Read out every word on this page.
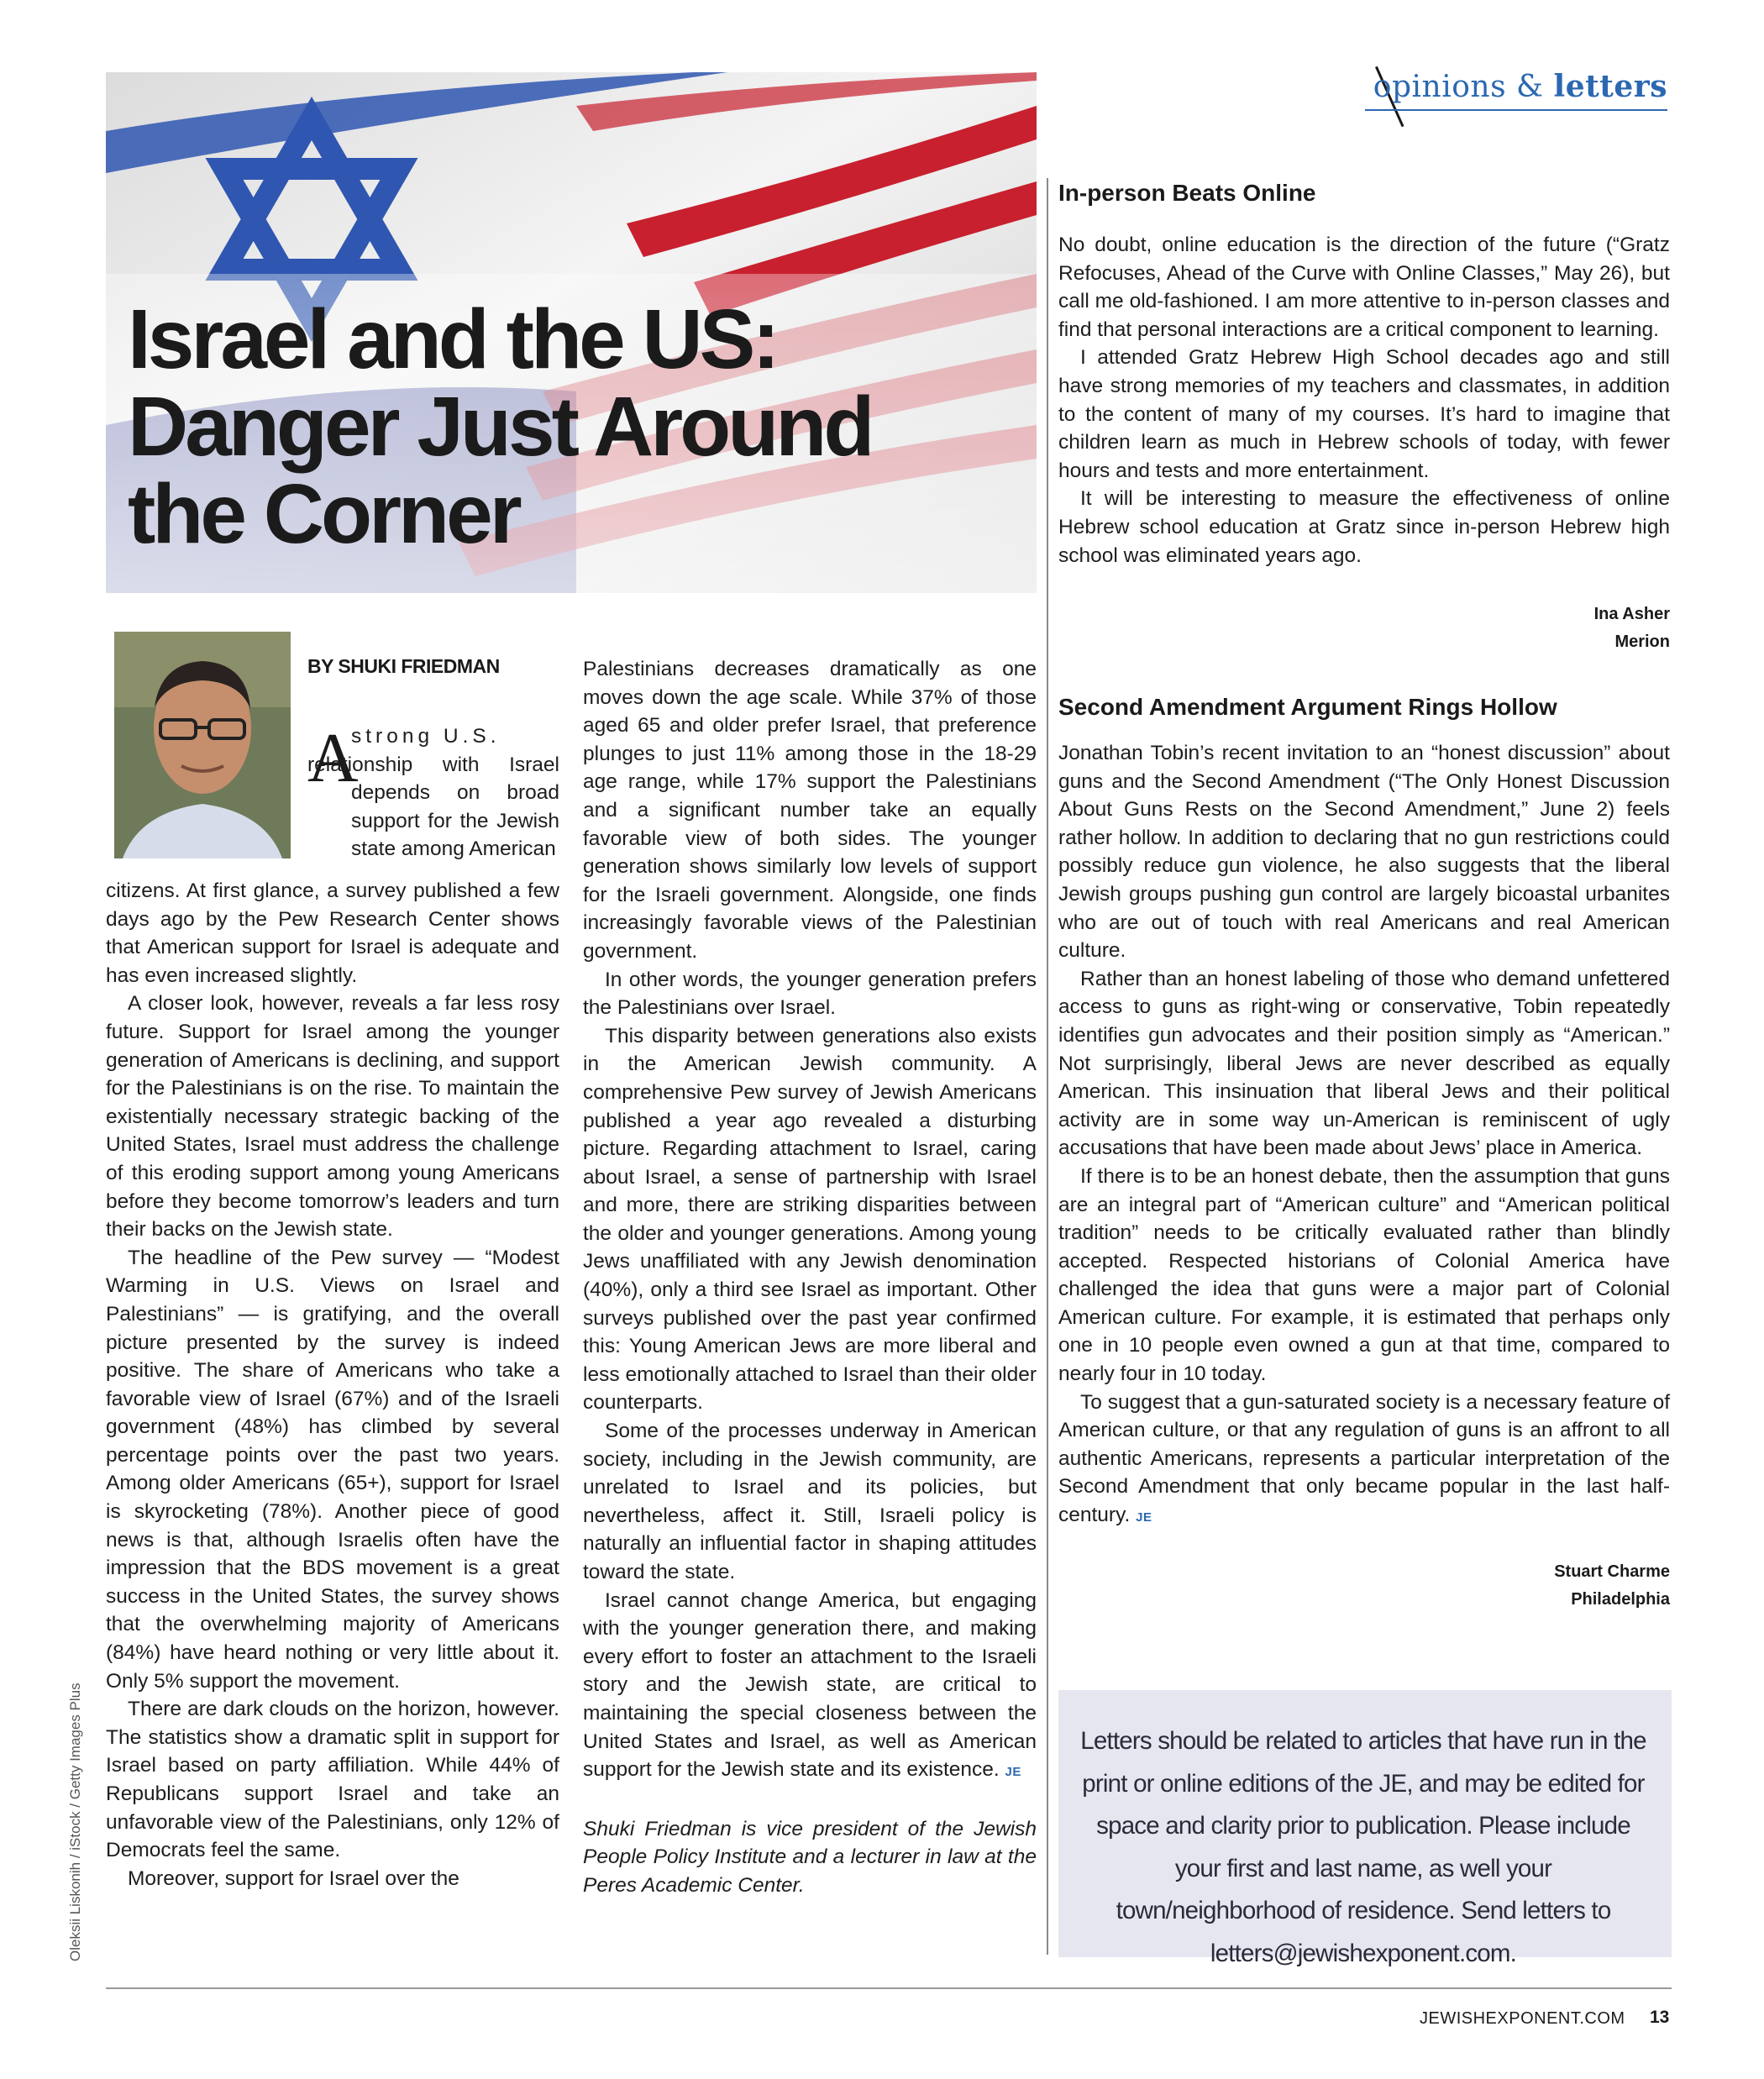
opinions & letters
Israel and the US:
Danger Just Around
the Corner
BY SHUKI FRIEDMAN
A
strong U.S.
relationship with Israel depends on broad support for the Jewish state among American

citizens. At first glance, a survey published a few days ago by the Pew Research Center shows that American support for Israel is adequate and has even increased slightly.

A closer look, however, reveals a far less rosy future. Support for Israel among the younger generation of Americans is declining, and support for the Palestinians is on the rise. To maintain the existentially necessary strategic backing of the United States, Israel must address the challenge of this eroding support among young Americans before they become tomorrow’s leaders and turn their backs on the Jewish state.

The headline of the Pew survey — “Modest Warming in U.S. Views on Israel and Palestinians” — is gratifying, and the overall picture presented by the survey is indeed positive. The share of Americans who take a favorable view of Israel (67%) and of the Israeli government (48%) has climbed by several percentage points over the past two years. Among older Americans (65+), support for Israel is skyrocketing (78%). Another piece of good news is that, although Israelis often have the impression that the BDS movement is a great success in the United States, the survey shows that the overwhelming majority of Americans (84%) have heard nothing or very little about it. Only 5% support the movement.

There are dark clouds on the horizon, however. The statistics show a dramatic split in support for Israel based on party affiliation. While 44% of Republicans support Israel and take an unfavorable view of the Palestinians, only 12% of Democrats feel the same.

Moreover, support for Israel over the

Palestinians decreases dramatically as one moves down the age scale. While 37% of those aged 65 and older prefer Israel, that preference plunges to just 11% among those in the 18-29 age range, while 17% support the Palestinians and a significant number take an equally favorable view of both sides. The younger generation shows similarly low levels of support for the Israeli government. Alongside, one finds increasingly favorable views of the Palestinian government.

In other words, the younger generation prefers the Palestinians over Israel.

This disparity between generations also exists in the American Jewish community. A comprehensive Pew survey of Jewish Americans published a year ago revealed a disturbing picture. Regarding attachment to Israel, caring about Israel, a sense of partnership with Israel and more, there are striking disparities between the older and younger generations. Among young Jews unaffiliated with any Jewish denomination (40%), only a third see Israel as important. Other surveys published over the past year confirmed this: Young American Jews are more liberal and less emotionally attached to Israel than their older counterparts.

Some of the processes underway in American society, including in the Jewish community, are unrelated to Israel and its policies, but nevertheless, affect it. Still, Israeli policy is naturally an influential factor in shaping attitudes toward the state.

Israel cannot change America, but engaging with the younger generation there, and making every effort to foster an attachment to the Israeli story and the Jewish state, are critical to maintaining the special closeness between the United States and Israel, as well as American support for the Jewish state and its existence. JE

Shuki Friedman is vice president of the Jewish People Policy Institute and a lecturer in law at the Peres Academic Center.

In-person Beats Online

No doubt, online education is the direction of the future (“Gratz Refocuses, Ahead of the Curve with Online Classes,” May 26), but call me old-fashioned. I am more attentive to in-person classes and find that personal interactions are a critical component to learning.

I attended Gratz Hebrew High School decades ago and still have strong memories of my teachers and classmates, in addition to the content of many of my courses. It’s hard to imagine that children learn as much in Hebrew schools of today, with fewer hours and tests and more entertainment.

It will be interesting to measure the effectiveness of online Hebrew school education at Gratz since in-person Hebrew high school was eliminated years ago.

Ina Asher
Merion
Second Amendment Argument Rings Hollow

Jonathan Tobin’s recent invitation to an “honest discussion” about guns and the Second Amendment (“The Only Honest Discussion About Guns Rests on the Second Amendment,” June 2) feels rather hollow. In addition to declaring that no gun restrictions could possibly reduce gun violence, he also suggests that the liberal Jewish groups pushing gun control are largely bicoastal urbanites who are out of touch with real Americans and real American culture.

Rather than an honest labeling of those who demand unfettered access to guns as right-wing or conservative, Tobin repeatedly identifies gun advocates and their position simply as “American.” Not surprisingly, liberal Jews are never described as equally American. This insinuation that liberal Jews and their political activity are in some way un-American is reminiscent of ugly accusations that have been made about Jews’ place in America.

If there is to be an honest debate, then the assumption that guns are an integral part of “American culture” and “American political tradition” needs to be critically evaluated rather than blindly accepted. Respected historians of Colonial America have challenged the idea that guns were a major part of Colonial American culture. For example, it is estimated that perhaps only one in 10 people even owned a gun at that time, compared to nearly four in 10 today.

To suggest that a gun-saturated society is a necessary feature of American culture, or that any regulation of guns is an affront to all authentic Americans, represents a particular interpretation of the Second Amendment that only became popular in the last half-century. JE

Stuart Charme
Philadelphia

Letters should be related to articles that have run in the print or online editions of the JE, and may be edited for space and clarity prior to publication. Please include your first and last name, as well your town/neighborhood of residence. Send letters to letters@jewishexponent.com.

Oleksii Liskonih / iStock / Getty Images Plus
JEWISHEXPONENT.COM 13
